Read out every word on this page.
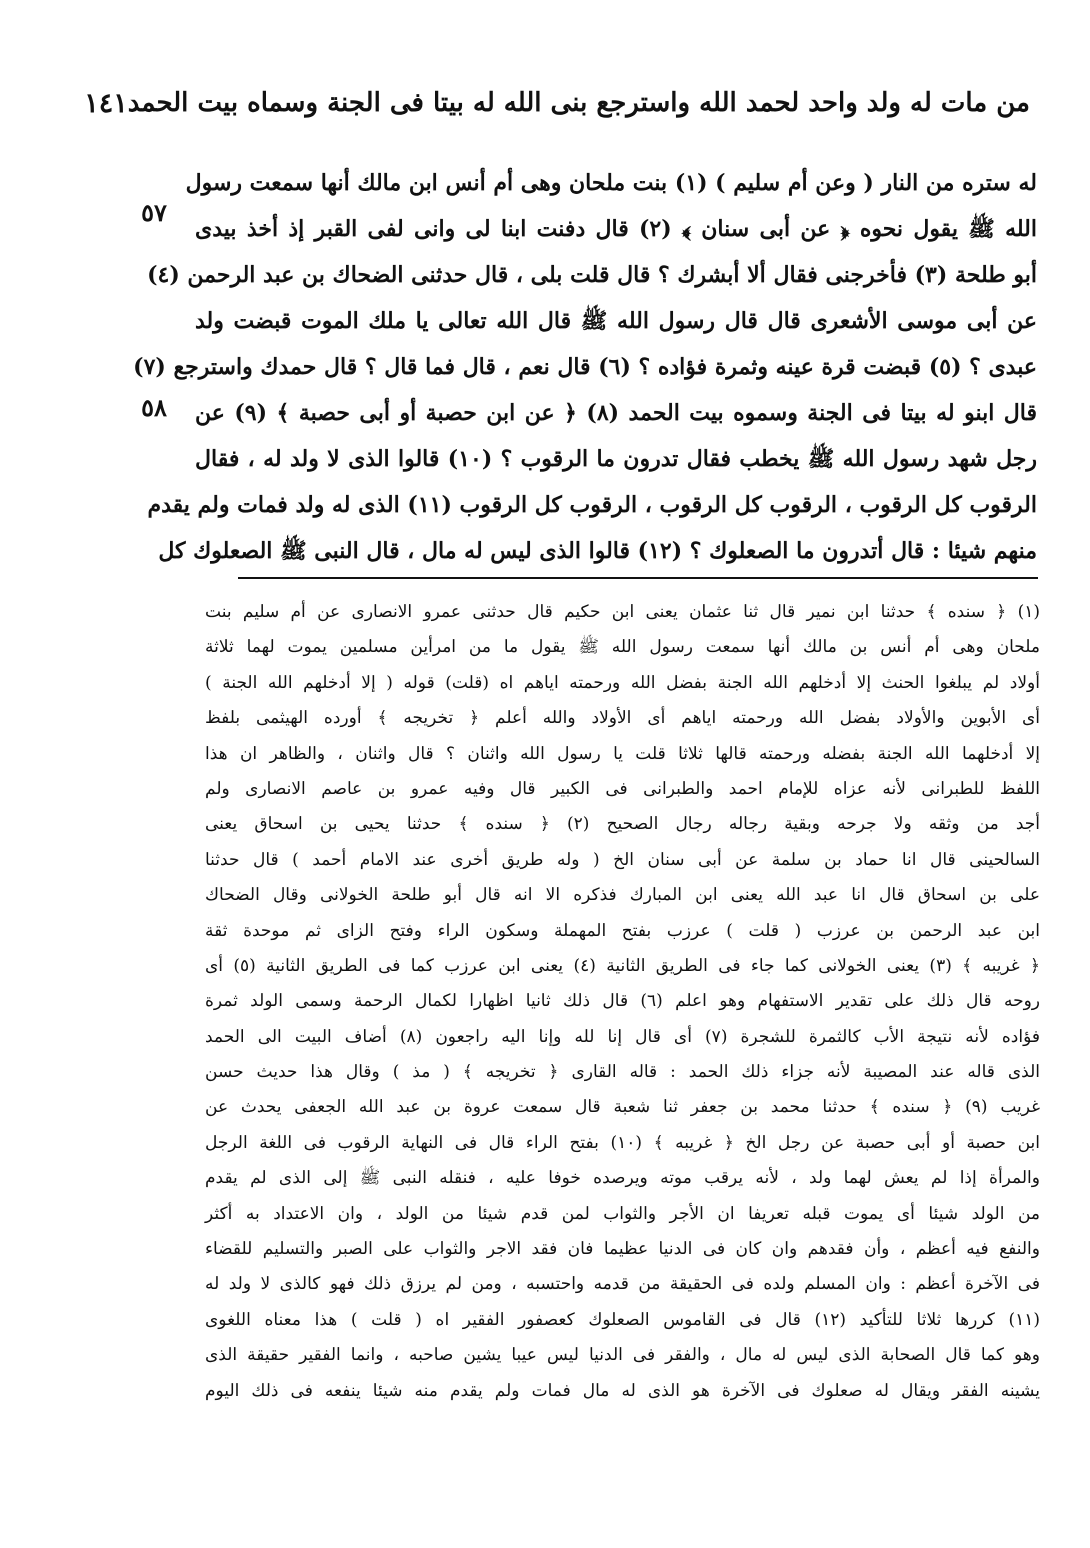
من مات له ولد واحد لحمد الله واسترجع بنى الله له بيتا فى الجنة وسماه بيت الحمد
١٤١
٥٧
٥٨
له ستره من النار ( وعن أم سليم ) (١) بنت ملحان وهى أم أنس ابن مالك أنها سمعت رسول
الله ﷺ يقول نحوه ﴿ عن أبى سنان ﴾ (٢) قال دفنت ابنا لى وانى لفى القبر إذ أخذ بيدى
أبو طلحة (٣) فأخرجنى فقال ألا أبشرك ؟ قال قلت بلى ، قال حدثنى الضحاك بن عبد الرحمن (٤)
عن أبى موسى الأشعرى قال قال رسول الله ﷺ قال الله تعالى يا ملك الموت قبضت ولد
عبدى ؟ (٥) قبضت قرة عينه وثمرة فؤاده ؟ (٦) قال نعم ، قال فما قال ؟ قال حمدك واسترجع (٧)
قال ابنو له بيتا فى الجنة وسموه بيت الحمد (٨) ﴿ عن ابن حصبة أو أبى حصبة ﴾ (٩) عن
رجل شهد رسول الله ﷺ يخطب فقال تدرون ما الرقوب ؟ (١٠) قالوا الذى لا ولد له ، فقال
الرقوب كل الرقوب ، الرقوب كل الرقوب ، الرقوب كل الرقوب (١١) الذى له ولد فمات ولم يقدم
منهم شيئا : قال أتدرون ما الصعلوك ؟ (١٢) قالوا الذى ليس له مال ، قال النبى ﷺ الصعلوك كل
(١) ﴿ سنده ﴾ حدثنا ابن نمير قال ثنا عثمان يعنى ابن حكيم قال حدثنى عمرو الانصارى عن أم سليم بنت
ملحان وهى أم أنس بن مالك أنها سمعت رسول الله ﷺ يقول ما من امرأين مسلمين يموت لهما ثلاثة
أولاد لم يبلغوا الحنث إلا أدخلهم الله الجنة بفضل الله ورحمته اياهم اه (قلت) قوله ( إلا أدخلهم الله الجنة )
أى الأبوين والأولاد بفضل الله ورحمته اياهم أى الأولاد والله أعلم ﴿ تخريجه ﴾ أورده الهيثمى بلفظ
إلا أدخلهما الله الجنة بفضله ورحمته قالها ثلاثا قلت يا رسول الله واثنان ؟ قال واثنان ، والظاهر ان هذا
اللفظ للطبرانى لأنه عزاه للإمام احمد والطبرانى فى الكبير قال وفيه عمرو بن عاصم الانصارى ولم
أجد من وثقه ولا جرحه وبقية رجاله رجال الصحيح (٢) ﴿ سنده ﴾ حدثنا يحيى بن اسحاق يعنى
السالحينى قال انا حماد بن سلمة عن أبى سنان الخ ( وله طريق أخرى عند الامام أحمد ) قال حدثنا
على بن اسحاق قال انا عبد الله يعنى ابن المبارك فذكره الا انه قال أبو طلحة الخولانى وقال الضحاك
ابن عبد الرحمن بن عرزب ( قلت ) عرزب بفتح المهملة وسكون الراء وفتح الزاى ثم موحدة ثقة
﴿ غريبه ﴾ (٣) يعنى الخولانى كما جاء فى الطريق الثانية (٤) يعنى ابن عرزب كما فى الطريق الثانية (٥) أى
روحه قال ذلك على تقدير الاستفهام وهو اعلم (٦) قال ذلك ثانيا اظهارا لكمال الرحمة وسمى الولد ثمرة
فؤاده لأنه نتيجة الأب كالثمرة للشجرة (٧) أى قال إنا لله وإنا اليه راجعون (٨) أضاف البيت الى الحمد
الذى قاله عند المصيبة لأنه جزاء ذلك الحمد : قاله القارى ﴿ تخريجه ﴾ ( مذ ) وقال هذا حديث حسن
غريب (٩) ﴿ سنده ﴾ حدثنا محمد بن جعفر ثنا شعبة قال سمعت عروة بن عبد الله الجعفى يحدث عن
ابن حصبة أو أبى حصبة عن رجل الخ ﴿ غريبه ﴾ (١٠) بفتح الراء قال فى النهاية الرقوب فى اللغة الرجل
والمرأة إذا لم يعش لهما ولد ، لأنه يرقب موته ويرصده خوفا عليه ، فنقله النبى ﷺ إلى الذى لم يقدم
من الولد شيئا أى يموت قبله تعريفا ان الأجر والثواب لمن قدم شيئا من الولد ، وان الاعتداد به أكثر
والنفع فيه أعظم ، وأن فقدهم وان كان فى الدنيا عظيما فان فقد الاجر والثواب على الصبر والتسليم للقضاء
فى الآخرة أعظم : وان المسلم ولده فى الحقيقة من قدمه واحتسبه ، ومن لم يرزق ذلك فهو كالذى لا ولد له
(١١) كررها ثلاثا للتأكيد (١٢) قال فى القاموس الصعلوك كعصفور الفقير اه ( قلت ) هذا معناه اللغوى
وهو كما قال الصحابة الذى ليس له مال ، والفقر فى الدنيا ليس عيبا يشين صاحبه ، وانما الفقير حقيقة الذى
يشينه الفقر ويقال له صعلوك فى الآخرة هو الذى له مال فمات ولم يقدم منه شيئا ينفعه فى ذلك اليوم
